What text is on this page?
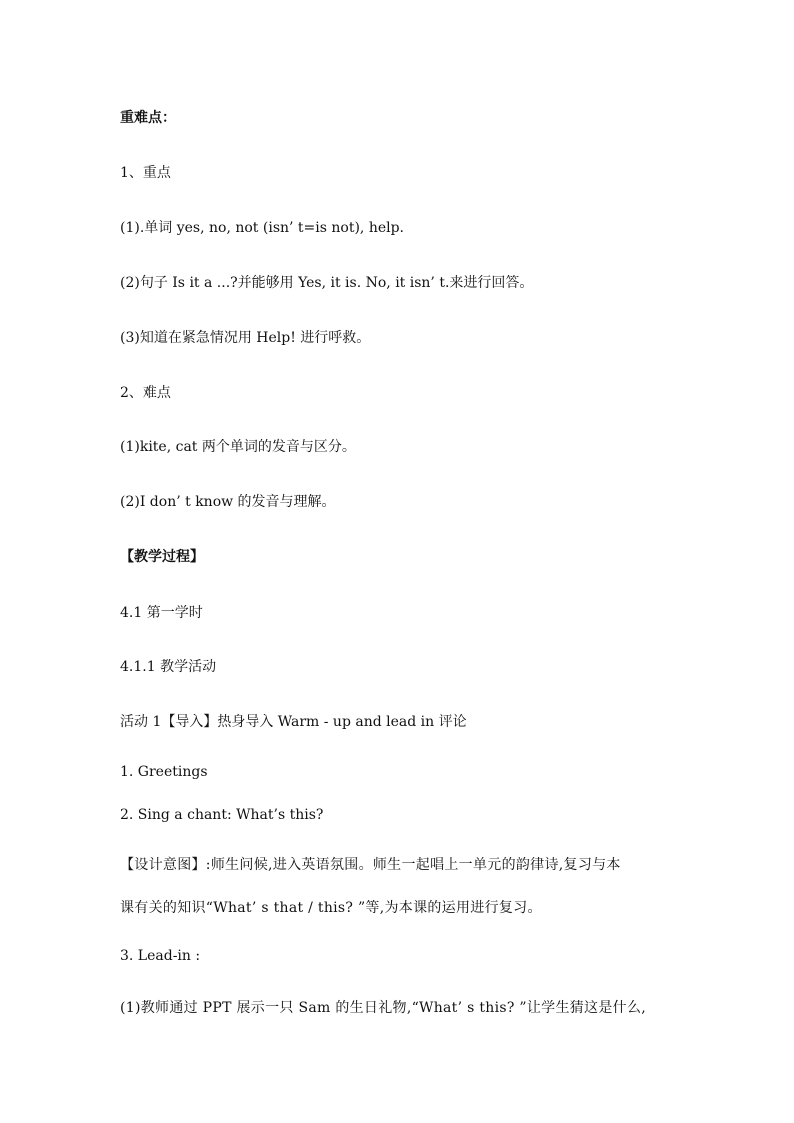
重难点：
1、重点
(1).单词 yes, no, not (isn’ t=is not), help.
(2)句子 Is it a ...?并能够用 Yes, it is. No, it isn’ t.来进行回答。
(3)知道在紧急情况用 Help! 进行呼救。
2、难点
(1)kite, cat 两个单词的发音与区分。
(2)I don’ t know 的发音与理解。
【教学过程】
4.1 第一学时
4.1.1 教学活动
活动 1【导入】热身导入 Warm - up and lead in 评论
1. Greetings
2. Sing a chant: What’s this?
【设计意图】:师生问候,进入英语氛围。师生一起唱上一单元的韵律诗,复习与本
课有关的知识“What’ s that / this? ”等,为本课的运用进行复习。
3. Lead-in :
(1)教师通过 PPT 展示一只 Sam 的生日礼物,“What’ s this? ”让学生猜这是什么,
